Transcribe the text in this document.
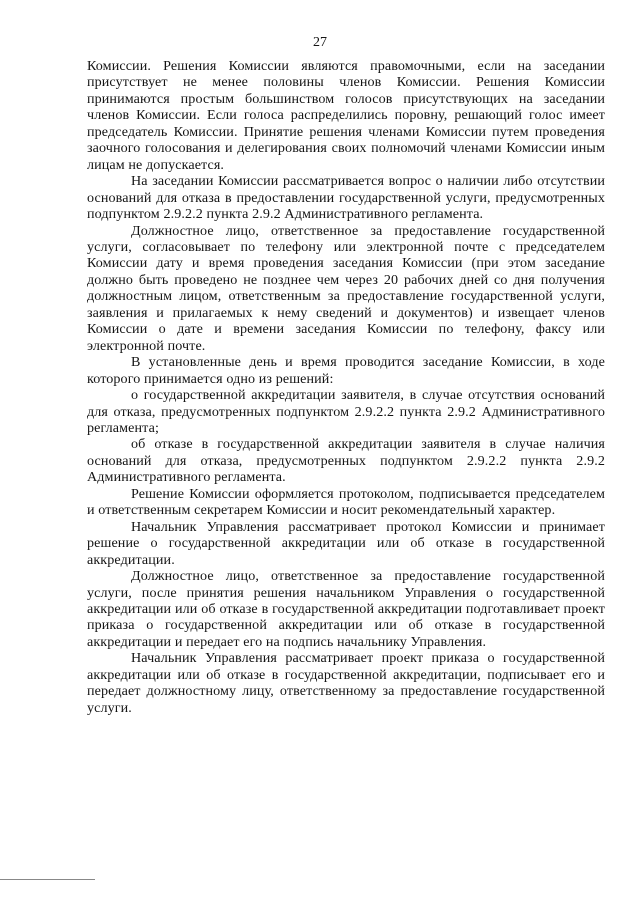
27

Комиссии. Решения Комиссии являются правомочными, если на заседании присутствует не менее половины членов Комиссии. Решения Комиссии принимаются простым большинством голосов присутствующих на заседании членов Комиссии. Если голоса распределились поровну, решающий голос имеет председатель Комиссии. Принятие решения членами Комиссии путем проведения заочного голосования и делегирования своих полномочий членами Комиссии иным лицам не допускается.

На заседании Комиссии рассматривается вопрос о наличии либо отсутствии оснований для отказа в предоставлении государственной услуги, предусмотренных подпунктом 2.9.2.2 пункта 2.9.2 Административного регламента.

Должностное лицо, ответственное за предоставление государственной услуги, согласовывает по телефону или электронной почте с председателем Комиссии дату и время проведения заседания Комиссии (при этом заседание должно быть проведено не позднее чем через 20 рабочих дней со дня получения должностным лицом, ответственным за предоставление государственной услуги, заявления и прилагаемых к нему сведений и документов) и извещает членов Комиссии о дате и времени заседания Комиссии по телефону, факсу или электронной почте.

В установленные день и время проводится заседание Комиссии, в ходе которого принимается одно из решений:

о государственной аккредитации заявителя, в случае отсутствия оснований для отказа, предусмотренных подпунктом 2.9.2.2 пункта 2.9.2 Административного регламента;

об отказе в государственной аккредитации заявителя в случае наличия оснований для отказа, предусмотренных подпунктом 2.9.2.2 пункта 2.9.2 Административного регламента.

Решение Комиссии оформляется протоколом, подписывается председателем и ответственным секретарем Комиссии и носит рекомендательный характер.

Начальник Управления рассматривает протокол Комиссии и принимает решение о государственной аккредитации или об отказе в государственной аккредитации.

Должностное лицо, ответственное за предоставление государственной услуги, после принятия решения начальником Управления о государственной аккредитации или об отказе в государственной аккредитации подготавливает проект приказа о государственной аккредитации или об отказе в государственной аккредитации и передает его на подпись начальнику Управления.

Начальник Управления рассматривает проект приказа о государственной аккредитации или об отказе в государственной аккредитации, подписывает его и передает должностному лицу, ответственному за предоставление государственной услуги.
